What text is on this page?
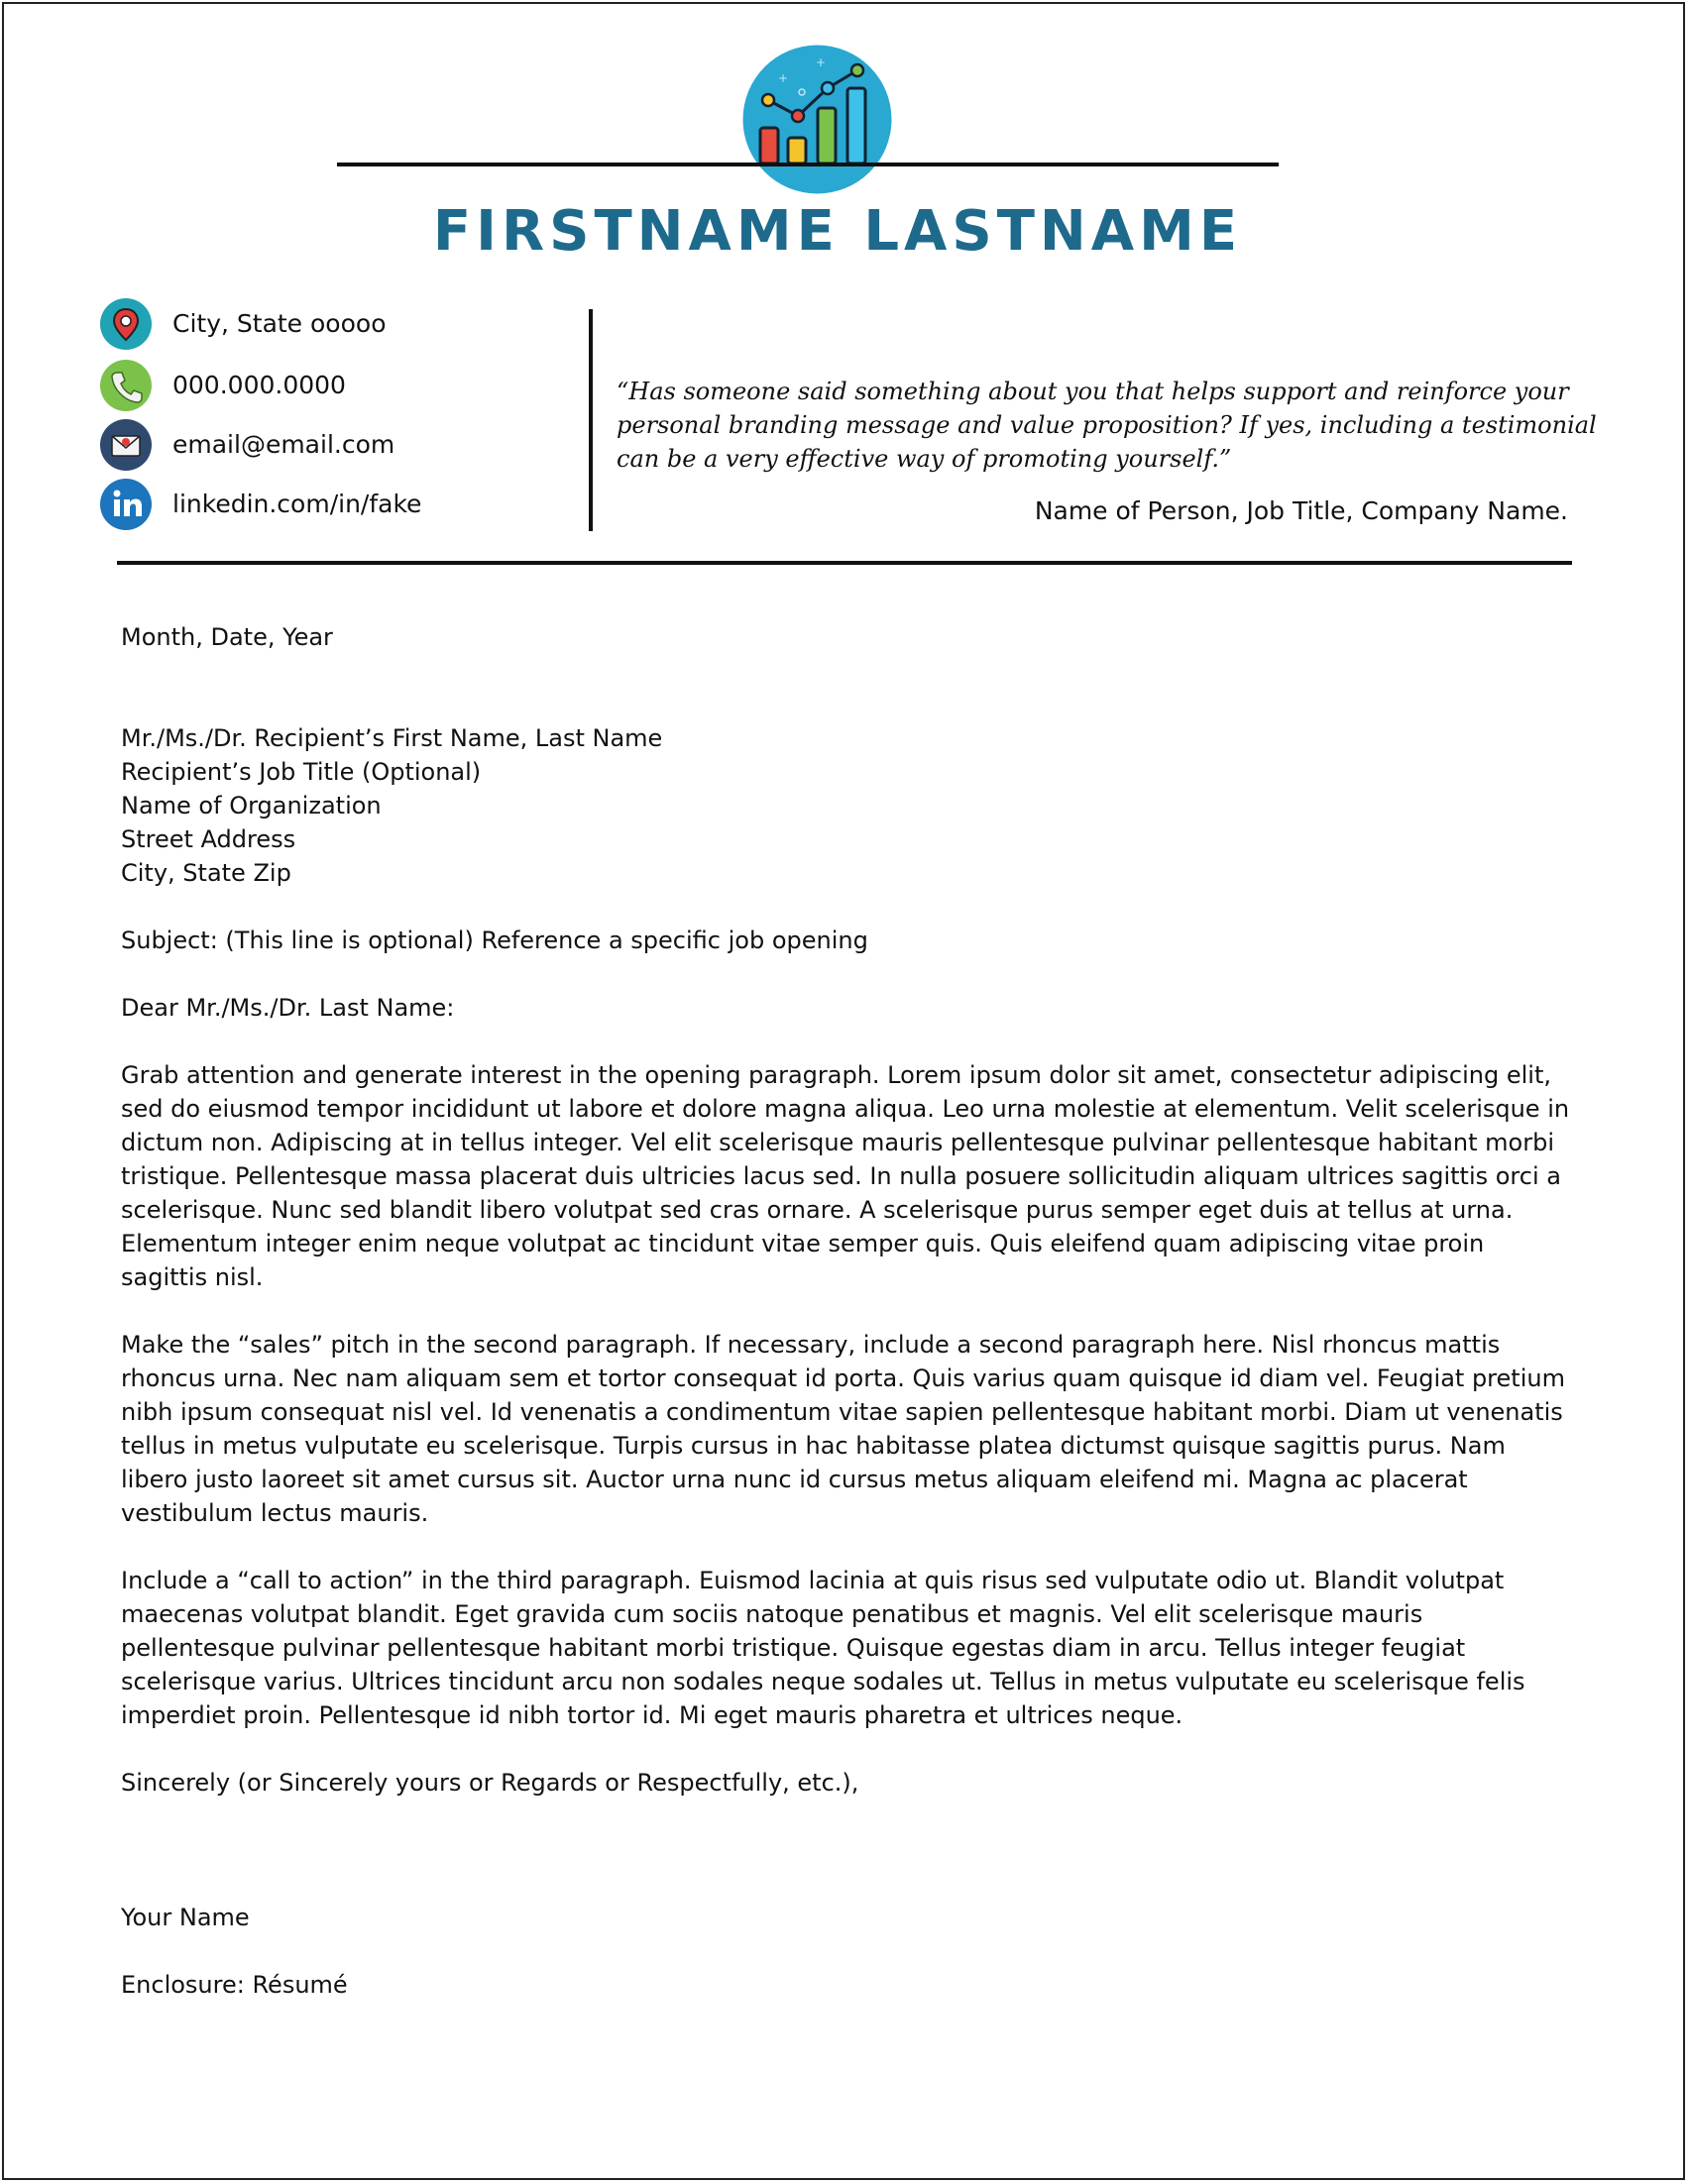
+
+
FIRSTNAME LASTNAME
City, State ooooo
000.000.0000
email@email.com
linkedin.com/in/fake

“Has someone said something about you that helps support and reinforce your personal branding message and value proposition? If yes, including a testimonial can be a very effective way of promoting yourself.”

Name of Person, Job Title, Company Name.

Month, Date, Year

Mr./Ms./Dr. Recipient’s First Name, Last Name

Recipient’s Job Title (Optional)

Name of Organization

Street Address

City, State Zip

Subject: (This line is optional) Reference a specific job opening

Dear Mr./Ms./Dr. Last Name:

Grab attention and generate interest in the opening paragraph. Lorem ipsum dolor sit amet, consectetur adipiscing elit, sed do eiusmod tempor incididunt ut labore et dolore magna aliqua. Leo urna molestie at elementum. Velit scelerisque in dictum non. Adipiscing at in tellus integer. Vel elit scelerisque mauris pellentesque pulvinar pellentesque habitant morbi tristique. Pellentesque massa placerat duis ultricies lacus sed. In nulla posuere sollicitudin aliquam ultrices sagittis orci a scelerisque. Nunc sed blandit libero volutpat sed cras ornare. A scelerisque purus semper eget duis at tellus at urna. Elementum integer enim neque volutpat ac tincidunt vitae semper quis. Quis eleifend quam adipiscing vitae proin sagittis nisl.

Make the “sales” pitch in the second paragraph. If necessary, include a second paragraph here. Nisl rhoncus mattis rhoncus urna. Nec nam aliquam sem et tortor consequat id porta. Quis varius quam quisque id diam vel. Feugiat pretium nibh ipsum consequat nisl vel. Id venenatis a condimentum vitae sapien pellentesque habitant morbi. Diam ut venenatis tellus in metus vulputate eu scelerisque. Turpis cursus in hac habitasse platea dictumst quisque sagittis purus. Nam libero justo laoreet sit amet cursus sit. Auctor urna nunc id cursus metus aliquam eleifend mi. Magna ac placerat vestibulum lectus mauris.

Include a “call to action” in the third paragraph. Euismod lacinia at quis risus sed vulputate odio ut. Blandit volutpat maecenas volutpat blandit. Eget gravida cum sociis natoque penatibus et magnis. Vel elit scelerisque mauris pellentesque pulvinar pellentesque habitant morbi tristique. Quisque egestas diam in arcu. Tellus integer feugiat scelerisque varius. Ultrices tincidunt arcu non sodales neque sodales ut. Tellus in metus vulputate eu scelerisque felis imperdiet proin. Pellentesque id nibh tortor id. Mi eget mauris pharetra et ultrices neque.

Sincerely (or Sincerely yours or Regards or Respectfully, etc.),

Your Name

Enclosure: Résumé
